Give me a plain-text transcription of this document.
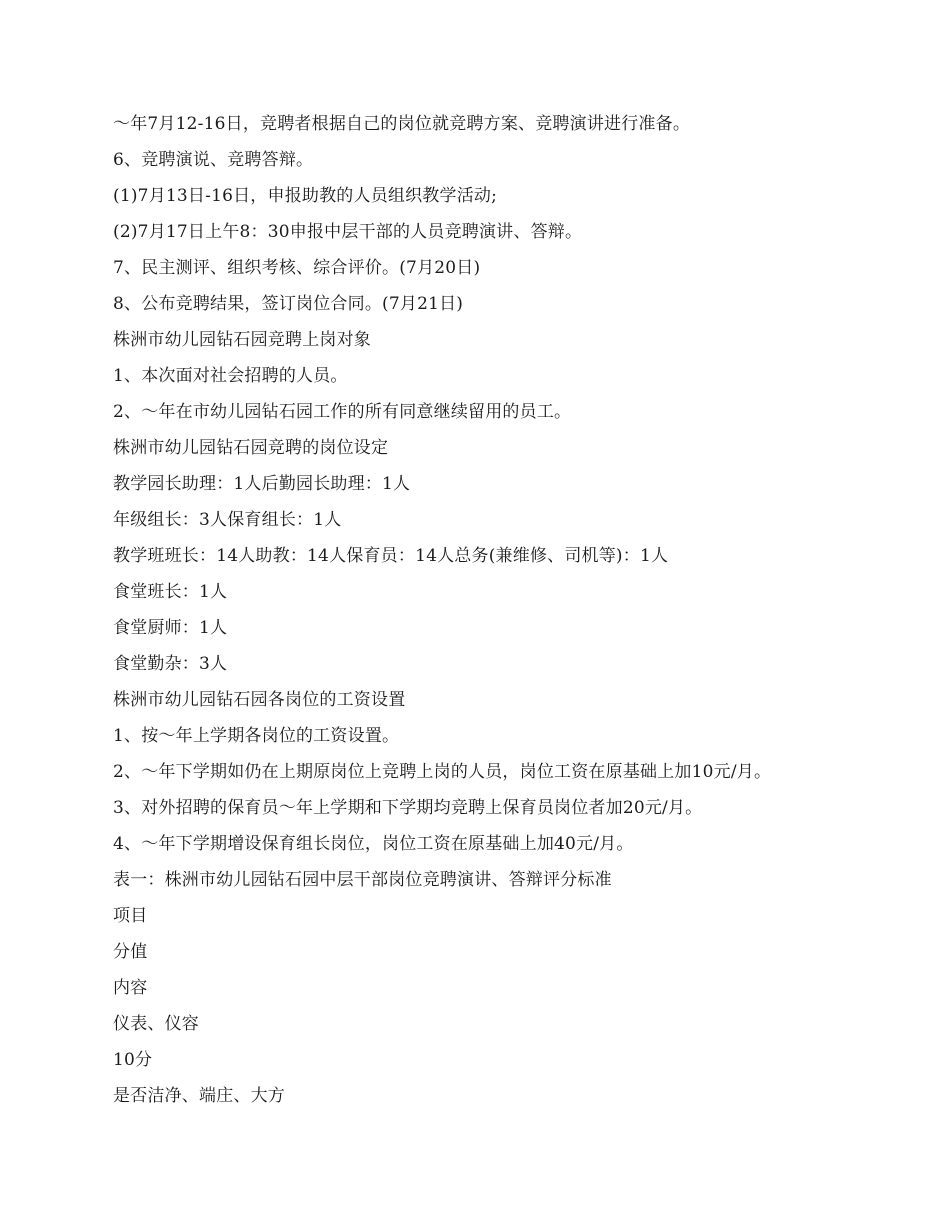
～年7月12-16日，竞聘者根据自己的岗位就竞聘方案、竞聘演讲进行准备。
6、竞聘演说、竞聘答辩。
(1)7月13日-16日，申报助教的人员组织教学活动;
(2)7月17日上午8：30申报中层干部的人员竞聘演讲、答辩。
7、民主测评、组织考核、综合评价。(7月20日)
8、公布竞聘结果，签订岗位合同。(7月21日)
株洲市幼儿园钻石园竞聘上岗对象
1、本次面对社会招聘的人员。
2、～年在市幼儿园钻石园工作的所有同意继续留用的员工。
株洲市幼儿园钻石园竞聘的岗位设定
教学园长助理：1人后勤园长助理：1人
年级组长：3人保育组长：1人
教学班班长：14人助教：14人保育员：14人总务(兼维修、司机等)：1人
食堂班长：1人
食堂厨师：1人
食堂勤杂：3人
株洲市幼儿园钻石园各岗位的工资设置
1、按～年上学期各岗位的工资设置。
2、～年下学期如仍在上期原岗位上竞聘上岗的人员，岗位工资在原基础上加10元/月。
3、对外招聘的保育员～年上学期和下学期均竞聘上保育员岗位者加20元/月。
4、～年下学期增设保育组长岗位，岗位工资在原基础上加40元/月。
表一：株洲市幼儿园钻石园中层干部岗位竞聘演讲、答辩评分标准
项目
分值
内容
仪表、仪容
10分
是否洁净、端庄、大方
